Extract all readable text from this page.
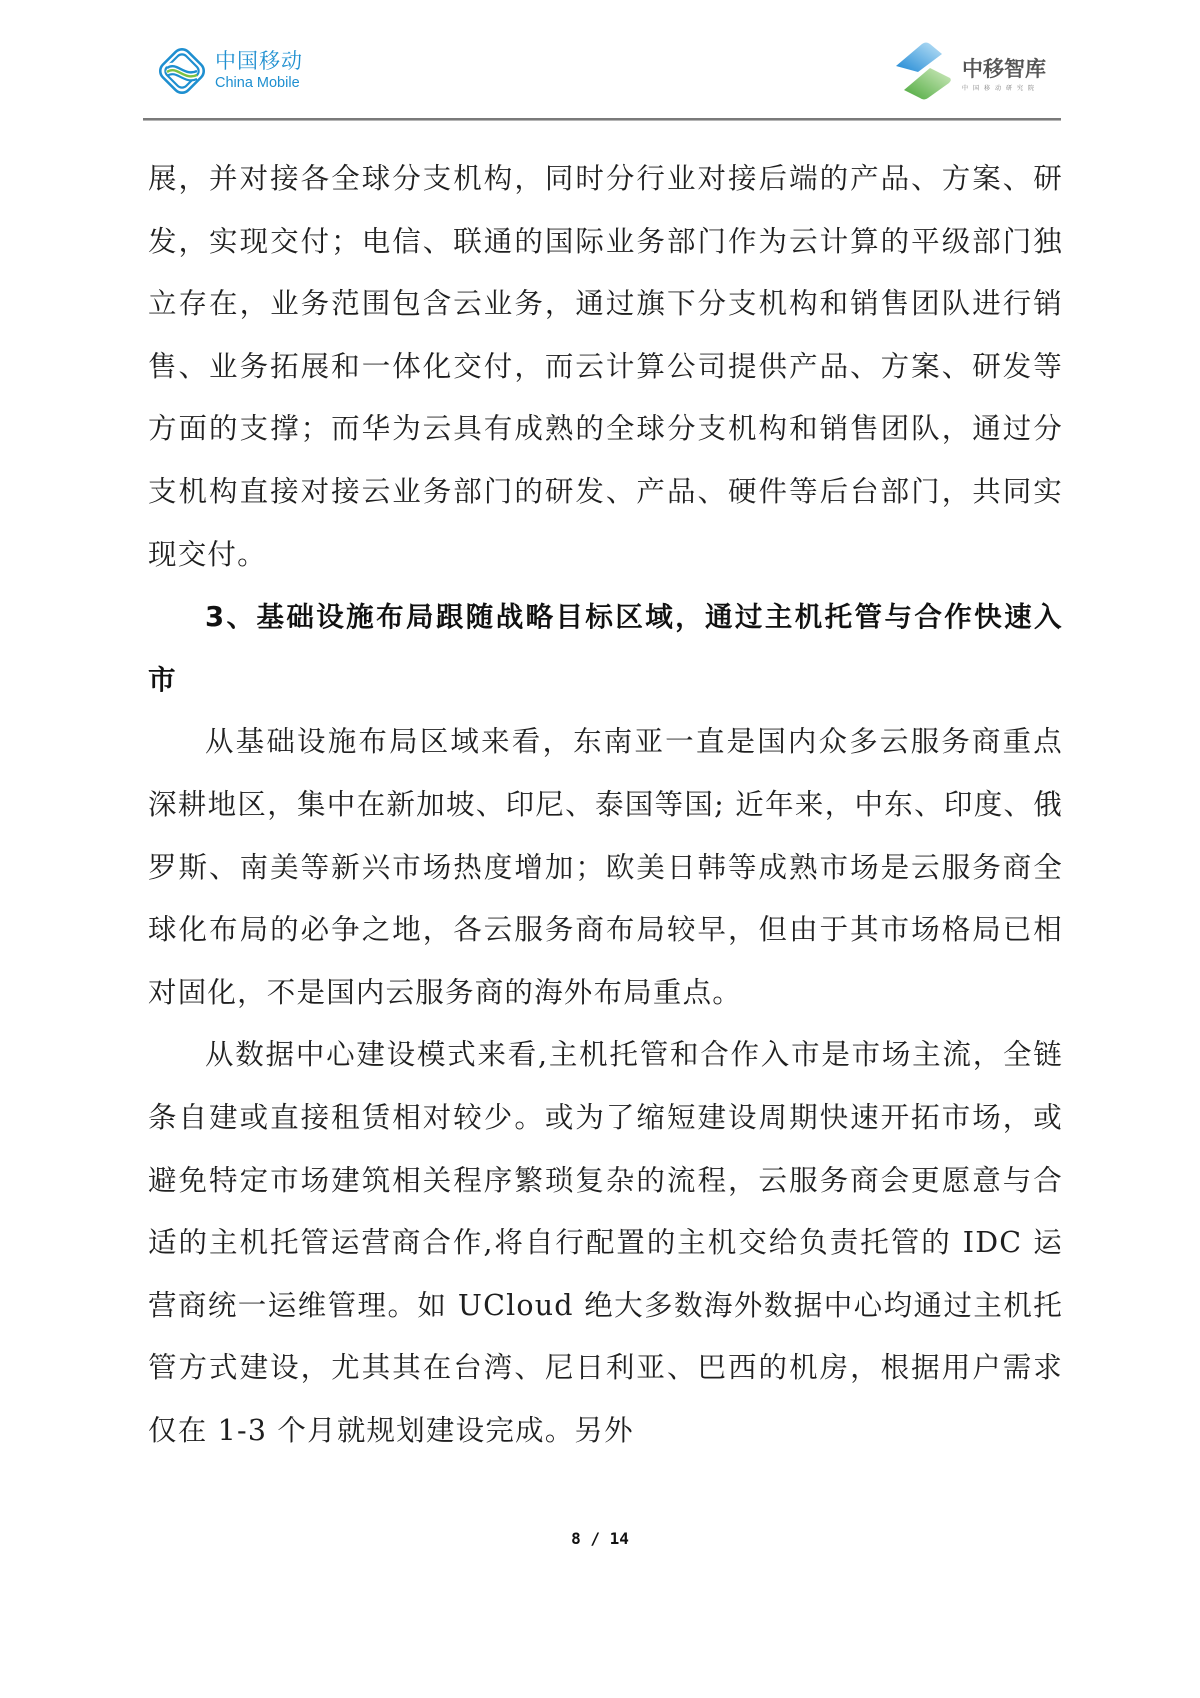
中国移动
China Mobile
中移智库
中国移动研究院

展，并对接各全球分支机构，同时分行业对接后端的产品、方案、研发，实现交付；电信、联通的国际业务部门作为云计算的平级部门独立存在，业务范围包含云业务，通过旗下分支机构和销售团队进行销售、业务拓展和一体化交付，而云计算公司提供产品、方案、研发等方面的支撑；而华为云具有成熟的全球分支机构和销售团队，通过分支机构直接对接云业务部门的研发、产品、硬件等后台部门，共同实现交付。

3、基础设施布局跟随战略目标区域，通过主机托管与合作快速入市

从基础设施布局区域来看，东南亚一直是国内众多云服务商重点深耕地区，集中在新加坡、印尼、泰国等国; 近年来，中东、印度、俄罗斯、南美等新兴市场热度增加；欧美日韩等成熟市场是云服务商全球化布局的必争之地，各云服务商布局较早，但由于其市场格局已相对固化，不是国内云服务商的海外布局重点。

从数据中心建设模式来看,主机托管和合作入市是市场主流，全链条自建或直接租赁相对较少。或为了缩短建设周期快速开拓市场，或避免特定市场建筑相关程序繁琐复杂的流程，云服务商会更愿意与合适的主机托管运营商合作,将自行配置的主机交给负责托管的 IDC 运营商统一运维管理。如 UCloud 绝大多数海外数据中心均通过主机托管方式建设，尤其其在台湾、尼日利亚、巴西的机房，根据用户需求仅在 1-3 个月就规划建设完成。另外

8 / 14
